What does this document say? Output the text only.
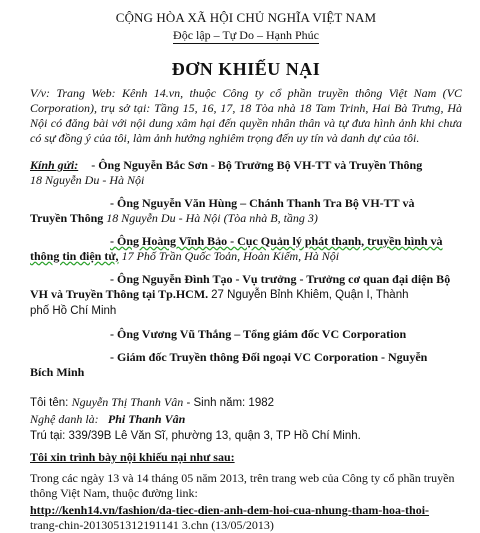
CỘNG HÒA XÃ HỘI CHỦ NGHĨA VIỆT NAM
Độc lập – Tự Do – Hạnh Phúc
ĐƠN KHIẾU NẠI
V/v: Trang Web: Kênh 14.vn, thuộc Công ty cổ phần truyền thông Việt Nam (VC Corporation), trụ sở tại: Tầng 15, 16, 17, 18 Tòa nhà 18 Tam Trinh, Hai Bà Trưng, Hà Nội có đăng bài với nội dung xâm hại đến quyền nhân thân và tự đưa hình ảnh khi chưa có sự đồng ý của tôi, làm ảnh hưởng nghiêm trọng đến uy tín và danh dự của tôi.
Kính gửi: - Ông Nguyễn Bắc Sơn - Bộ Trưởng Bộ VH-TT và Truyền Thông
18 Nguyễn Du - Hà Nội
- Ông Nguyễn Văn Hùng – Chánh Thanh Tra Bộ VH-TT và
Truyền Thông 18 Nguyễn Du - Hà Nội (Tòa nhà B, tầng 3)
- Ông Hoàng Vĩnh Bảo - Cục Quản lý phát thanh, truyền hình và
thông tin điện tử, 17 Phố Trần Quốc Toản, Hoàn Kiếm, Hà Nội
- Ông Nguyễn Đình Tạo - Vụ trưởng - Trưởng cơ quan đại diện Bộ
VH và Truyền Thông tại Tp.HCM. 27 Nguyễn Bỉnh Khiêm, Quận I, Thành
phố Hồ Chí Minh
- Ông Vương Vũ Thắng – Tổng giám đốc VC Corporation
- Giám đốc Truyền thông Đối ngoại VC Corporation - Nguyễn
Bích Minh
Tôi tên: Nguyễn Thị Thanh Vân - Sinh năm: 1982
Nghệ danh là: Phi Thanh Vân
Trú tại: 339/39B Lê Văn Sĩ, phường 13, quận 3, TP Hồ Chí Minh.
Tôi xin trình bày nội khiếu nại như sau:
Trong các ngày 13 và 14 tháng 05 năm 2013, trên trang web của Công ty cổ phần truyền thông Việt Nam, thuộc đường link:
http://kenh14.vn/fashion/da-tiec-dien-anh-dem-hoi-cua-nhung-tham-hoa-thoi-
trang-chin-2013051312191141 3.chn (13/05/2013)
